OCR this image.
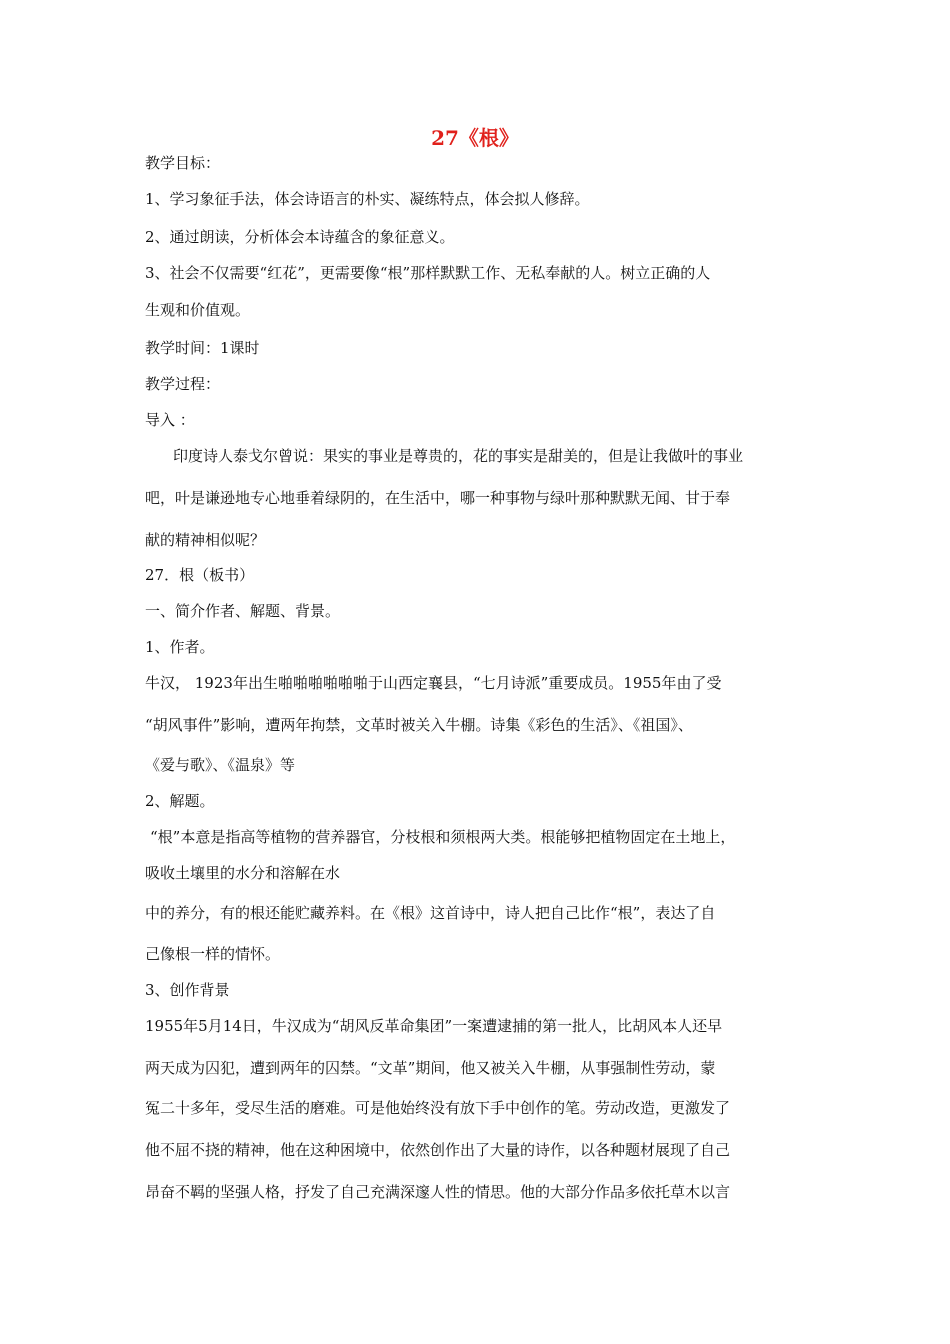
27《根》
教学目标：
1、学习象征手法，体会诗语言的朴实、凝练特点，体会拟人修辞。
2、通过朗读，分析体会本诗蕴含的象征意义。
3、社会不仅需要“红花”，更需要像“根”那样默默工作、无私奉献的人。树立正确的人
生观和价值观。
教学时间：1课时
教学过程：
导入 ：
印度诗人泰戈尔曾说：果实的事业是尊贵的，花的事实是甜美的，但是让我做叶的事业
吧，叶是谦逊地专心地垂着绿阴的，在生活中，哪一种事物与绿叶那种默默无闻、甘于奉
献的精神相似呢？
27．根（板书）
一、简介作者、解题、背景。
1、作者。
牛汉， 1923年出生啪啪啪啪啪啪于山西定襄县，“七月诗派”重要成员。1955年由了受
“胡风事件”影响，遭两年拘禁，文革时被关入牛棚。诗集《彩色的生活》、《祖国》、
《爱与歌》、《温泉》等
2、解题。
“根”本意是指高等植物的营养器官，分枝根和须根两大类。根能够把植物固定在土地上，
吸收土壤里的水分和溶解在水
中的养分，有的根还能贮藏养料。在《根》这首诗中，诗人把自己比作“根”，表达了自
己像根一样的情怀。
3、创作背景
1955年5月14日，牛汉成为“胡风反革命集团”一案遭逮捕的第一批人，比胡风本人还早
两天成为囚犯，遭到两年的囚禁。“文革”期间，他又被关入牛棚，从事强制性劳动，蒙
冤二十多年，受尽生活的磨难。可是他始终没有放下手中创作的笔。劳动改造，更激发了
他不屈不挠的精神，他在这种困境中，依然创作出了大量的诗作，以各种题材展现了自己
昂奋不羁的坚强人格，抒发了自己充满深邃人性的情思。他的大部分作品多依托草木以言
